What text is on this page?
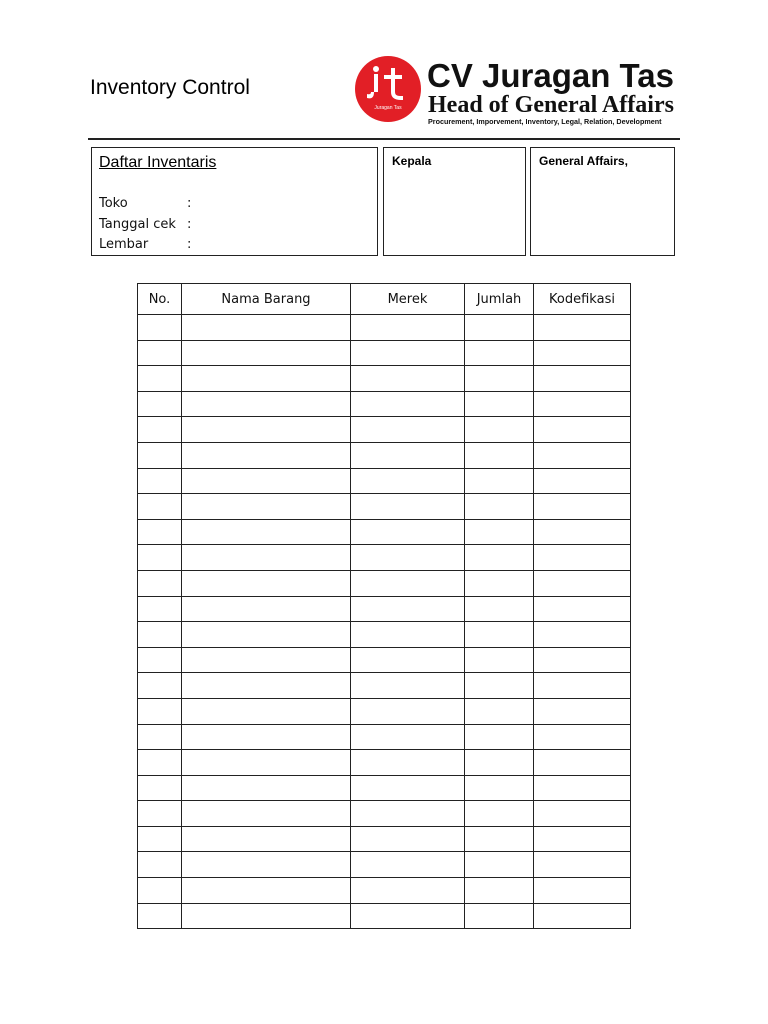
Inventory Control
Juragan Tas
CV Juragan Tas
Head of General Affairs
Procurement, Imporvement, Inventory, Legal, Relation, Development
Daftar Inventaris
Toko	:
Tanggal cek :
Lembar	:
Kepala	General Affairs,
No.	Nama Barang	Merek	Jumlah	Kodefikasi
